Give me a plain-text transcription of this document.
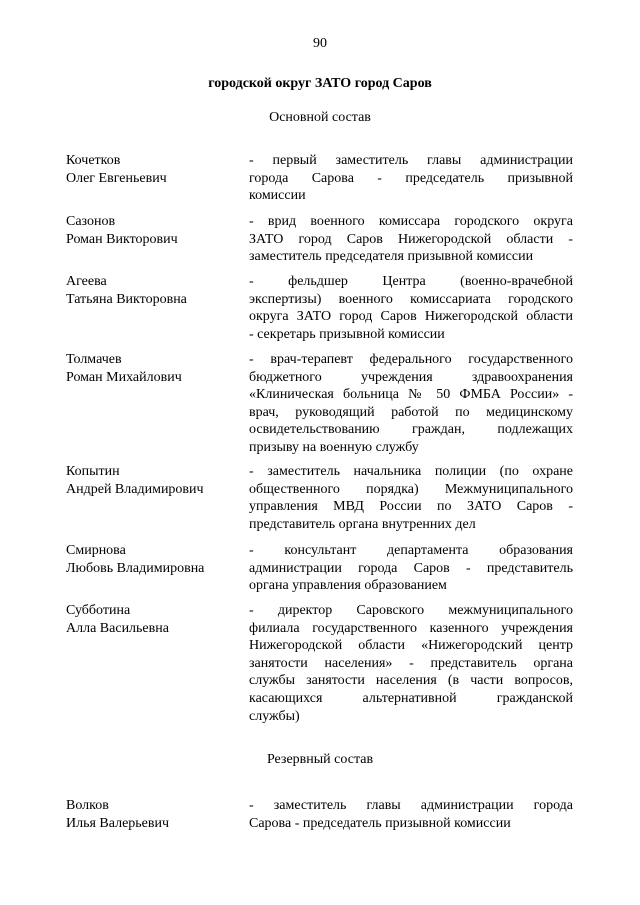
90
городской округ ЗАТО город Саров
Основной состав
Кочетков
Олег Евгеньевич
- первый заместитель главы администрации
города Сарова - председатель призывной
комиссии
Сазонов
Роман Викторович
- врид военного комиссара городского округа
ЗАТО город Саров Нижегородской области -
заместитель председателя призывной комиссии
Агеева
Татьяна Викторовна
- фельдшер Центра (военно-врачебной
экспертизы) военного комиссариата городского
округа ЗАТО город Саров Нижегородской области
- секретарь призывной комиссии
Толмачев
Роман Михайлович
- врач-терапевт федерального государственного
бюджетного учреждения здравоохранения
«Клиническая больница № 50 ФМБА России» -
врач, руководящий работой по медицинскому
освидетельствованию граждан, подлежащих
призыву на военную службу
Копытин
Андрей Владимирович
- заместитель начальника полиции (по охране
общественного порядка) Межмуниципального
управления МВД России по ЗАТО Саров -
представитель органа внутренних дел
Смирнова
Любовь Владимировна
- консультант департамента образования
администрации города Саров - представитель
органа управления образованием
Субботина
Алла Васильевна
- директор Саровского межмуниципального
филиала государственного казенного учреждения
Нижегородской области «Нижегородский центр
занятости населения» - представитель органа
службы занятости населения (в части вопросов,
касающихся альтернативной гражданской
службы)
Резервный состав
Волков
Илья Валерьевич
- заместитель главы администрации города
Сарова - председатель призывной комиссии
